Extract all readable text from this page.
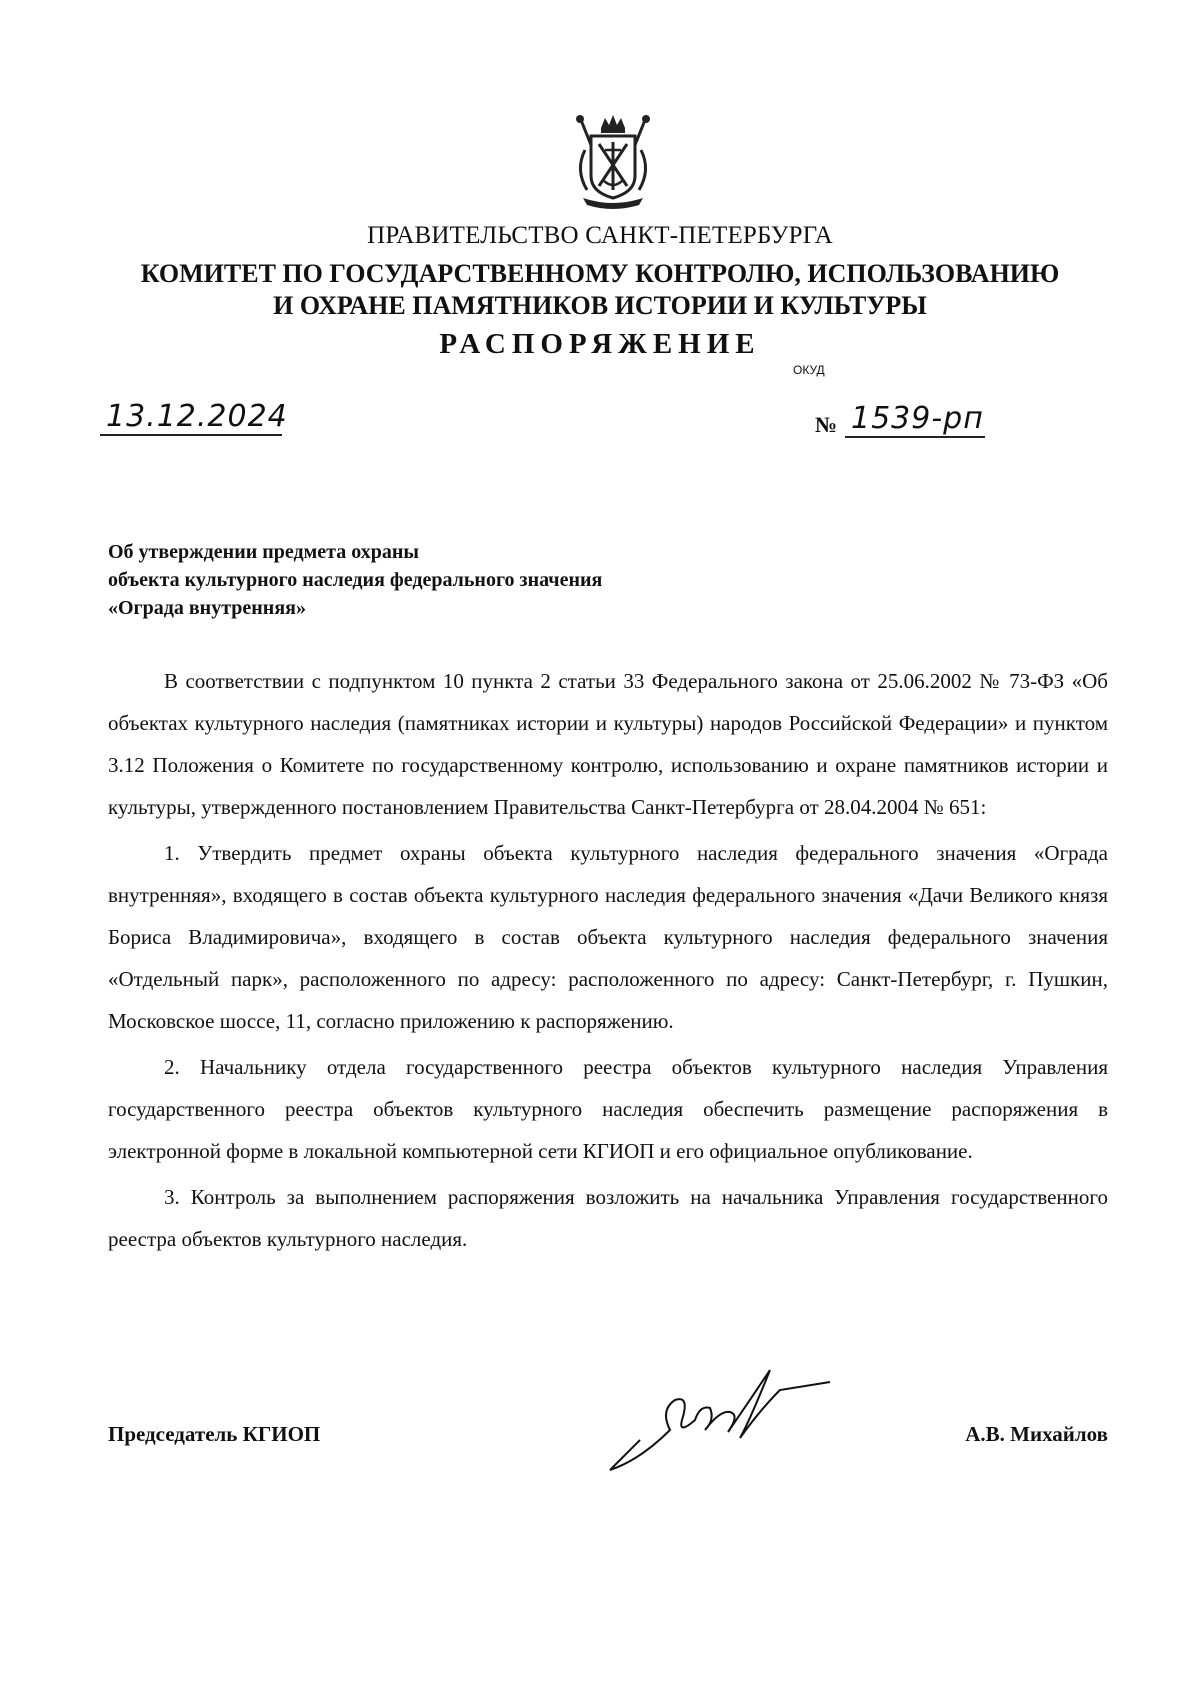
ПРАВИТЕЛЬСТВО САНКТ-ПЕТЕРБУРГА
КОМИТЕТ ПО ГОСУДАРСТВЕННОМУ КОНТРОЛЮ, ИСПОЛЬЗОВАНИЮ
И ОХРАНЕ ПАМЯТНИКОВ ИСТОРИИ И КУЛЬТУРЫ
РАСПОРЯЖЕНИЕ
ОКУД
13.12.2024	№ 1539-рп
Об утверждении предмета охраны
объекта культурного наследия федерального значения
«Ограда внутренняя»

В соответствии с подпунктом 10 пункта 2 статьи 33 Федерального закона от 25.06.2002 № 73-ФЗ «Об объектах культурного наследия (памятниках истории и культуры) народов Российской Федерации» и пунктом 3.12 Положения о Комитете по государственному контролю, использованию и охране памятников истории и культуры, утвержденного постановлением Правительства Санкт-Петербурга от 28.04.2004 № 651:

1. Утвердить предмет охраны объекта культурного наследия федерального значения «Ограда внутренняя», входящего в состав объекта культурного наследия федерального значения «Дачи Великого князя Бориса Владимировича», входящего в состав объекта культурного наследия федерального значения «Отдельный парк», расположенного по адресу: расположенного по адресу: Санкт-Петербург, г. Пушкин, Московское шоссе, 11, согласно приложению к распоряжению.

2. Начальнику отдела государственного реестра объектов культурного наследия Управления государственного реестра объектов культурного наследия обеспечить размещение распоряжения в электронной форме в локальной компьютерной сети КГИОП и его официальное опубликование.

3. Контроль за выполнением распоряжения возложить на начальника Управления государственного реестра объектов культурного наследия.

Председатель КГИОП	А.В. Михайлов
